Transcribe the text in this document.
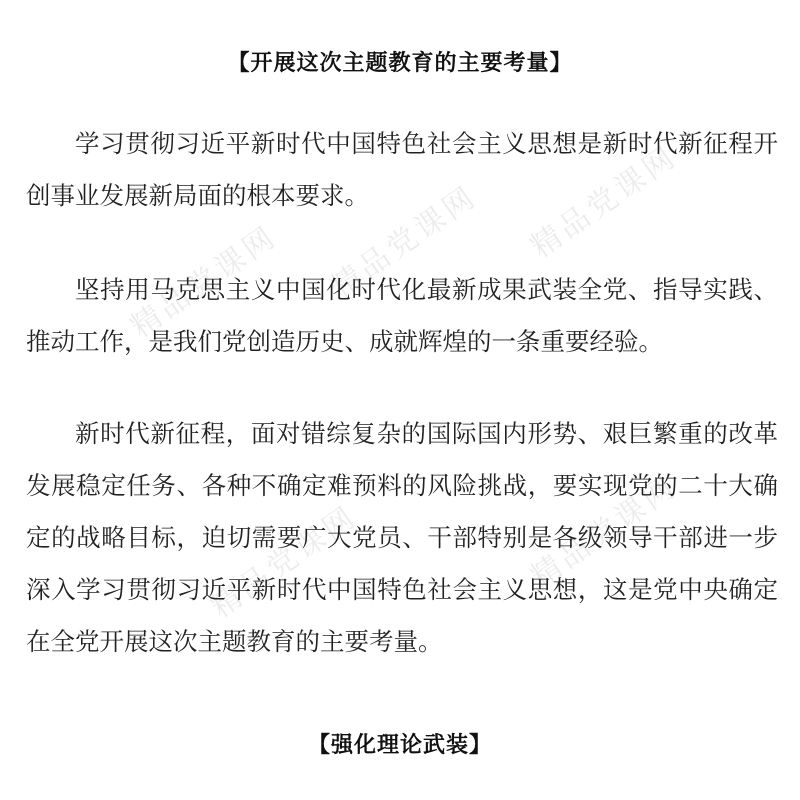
精品党课网 精品党课网 精品党课网
精品党课网	精品党课网
【开展这次主题教育的主要考量】

学习贯彻习近平新时代中国特色社会主义思想是新时代新征程开创事业发展新局面的根本要求。

坚持用马克思主义中国化时代化最新成果武装全党、指导实践、推动工作，是我们党创造历史、成就辉煌的一条重要经验。

新时代新征程，面对错综复杂的国际国内形势、艰巨繁重的改革发展稳定任务、各种不确定难预料的风险挑战，要实现党的二十大确定的战略目标，迫切需要广大党员、干部特别是各级领导干部进一步深入学习贯彻习近平新时代中国特色社会主义思想，这是党中央确定在全党开展这次主题教育的主要考量。

【强化理论武装】
